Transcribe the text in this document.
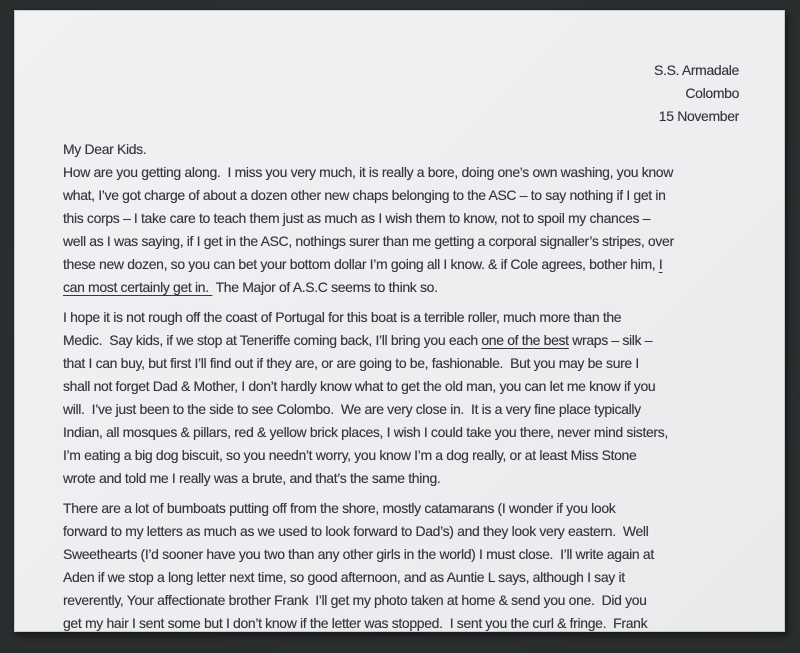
S.S. Armadale
Colombo
15 November
My Dear Kids.
How are you getting along.  I miss you very much, it is really a bore, doing one’s own washing, you know
what, I’ve got charge of about a dozen other new chaps belonging to the ASC – to say nothing if I get in
this corps – I take care to teach them just as much as I wish them to know, not to spoil my chances –
well as I was saying, if I get in the ASC, nothings surer than me getting a corporal signaller’s stripes, over
these new dozen, so you can bet your bottom dollar I’m going all I know. & if Cole agrees, bother him, I
can most certainly get in.  The Major of A.S.C seems to think so.
I hope it is not rough off the coast of Portugal for this boat is a terrible roller, much more than the
Medic.  Say kids, if we stop at Teneriffe coming back, I’ll bring you each one of the best wraps – silk –
that I can buy, but first I’ll find out if they are, or are going to be, fashionable.  But you may be sure I
shall not forget Dad & Mother, I don’t hardly know what to get the old man, you can let me know if you
will.  I’ve just been to the side to see Colombo.  We are very close in.  It is a very fine place typically
Indian, all mosques & pillars, red & yellow brick places, I wish I could take you there, never mind sisters,
I’m eating a big dog biscuit, so you needn’t worry, you know I’m a dog really, or at least Miss Stone
wrote and told me I really was a brute, and that’s the same thing.
There are a lot of bumboats putting off from the shore, mostly catamarans (I wonder if you look
forward to my letters as much as we used to look forward to Dad’s) and they look very eastern.  Well
Sweethearts (I’d sooner have you two than any other girls in the world) I must close.  I’ll write again at
Aden if we stop a long letter next time, so good afternoon, and as Auntie L says, although I say it
reverently, Your affectionate brother Frank  I’ll get my photo taken at home & send you one.  Did you
get my hair I sent some but I don’t know if the letter was stopped.  I sent you the curl & fringe.  Frank
